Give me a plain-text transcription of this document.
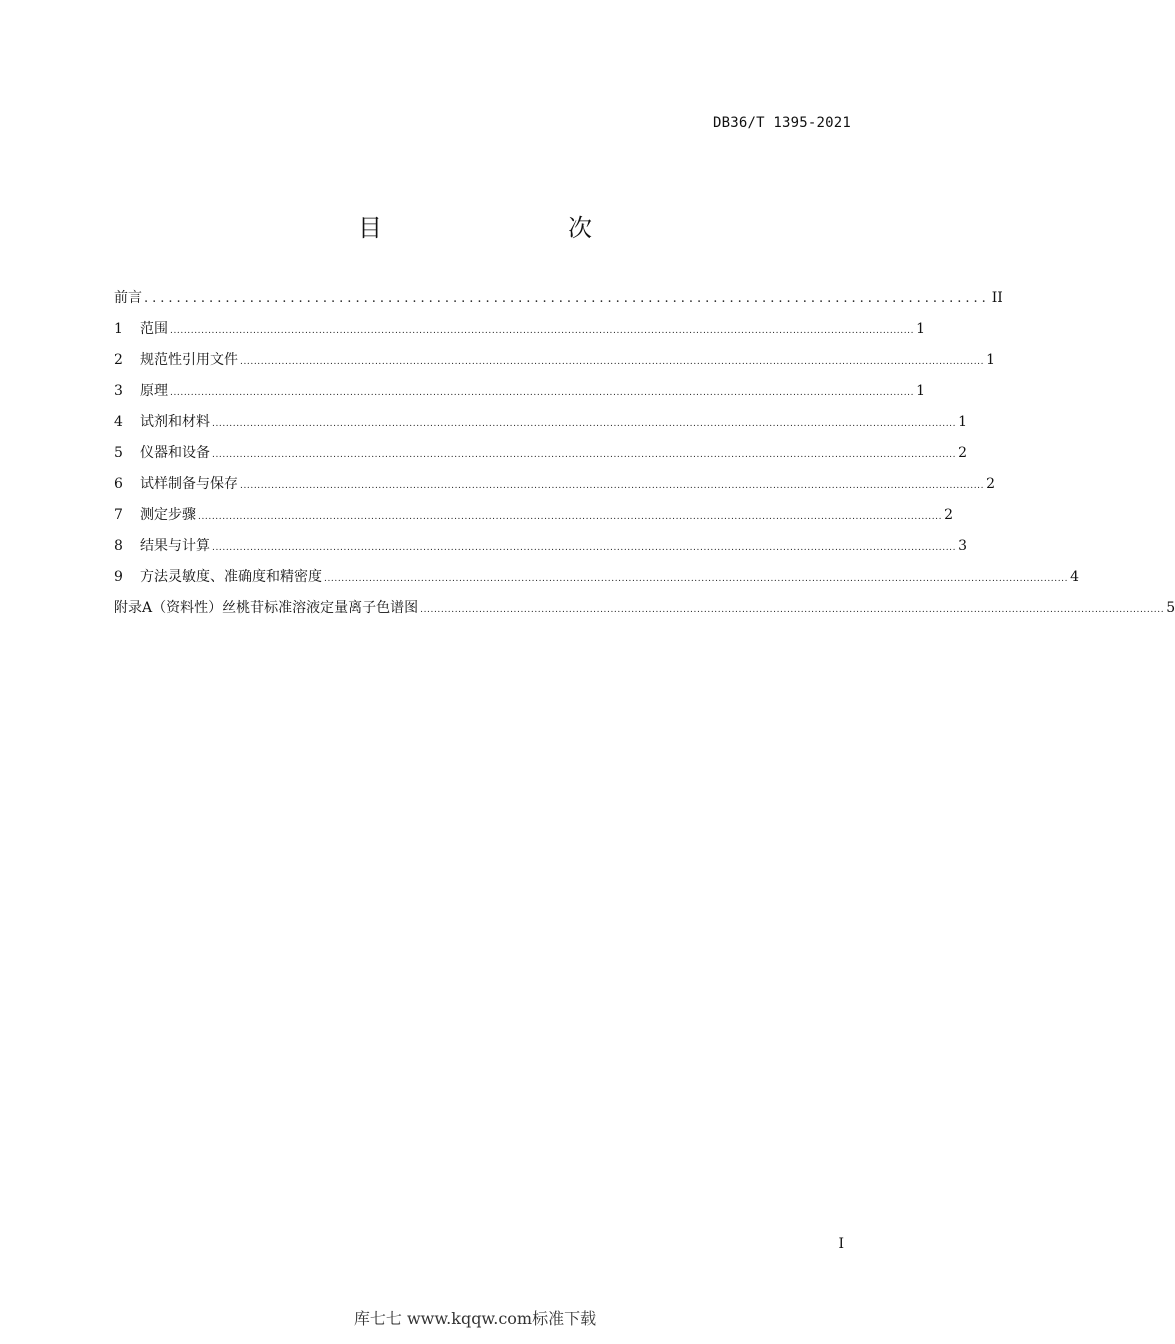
DB36/T 1395-2021
目　　次
前言 ........................................................................................................ II
1	范围 ....................................................................................................................................................................................................................... 1
2	规范性引用文件 ....................................................................................................................................................................................................................... 1
3	原理 ....................................................................................................................................................................................................................... 1
4	试剂和材料 ....................................................................................................................................................................................................................... 1
5	仪器和设备 ....................................................................................................................................................................................................................... 2
6	试样制备与保存 ....................................................................................................................................................................................................................... 2
7	测定步骤 ....................................................................................................................................................................................................................... 2
8	结果与计算 ....................................................................................................................................................................................................................... 3
9	方法灵敏度、准确度和精密度 ....................................................................................................................................................................................................................... 4
附录A（资料性）丝桃苷标准溶液定量离子色谱图 ....................................................................................................................................................................................................................... 5
I
库七七 www.kqqw.com标准下载
